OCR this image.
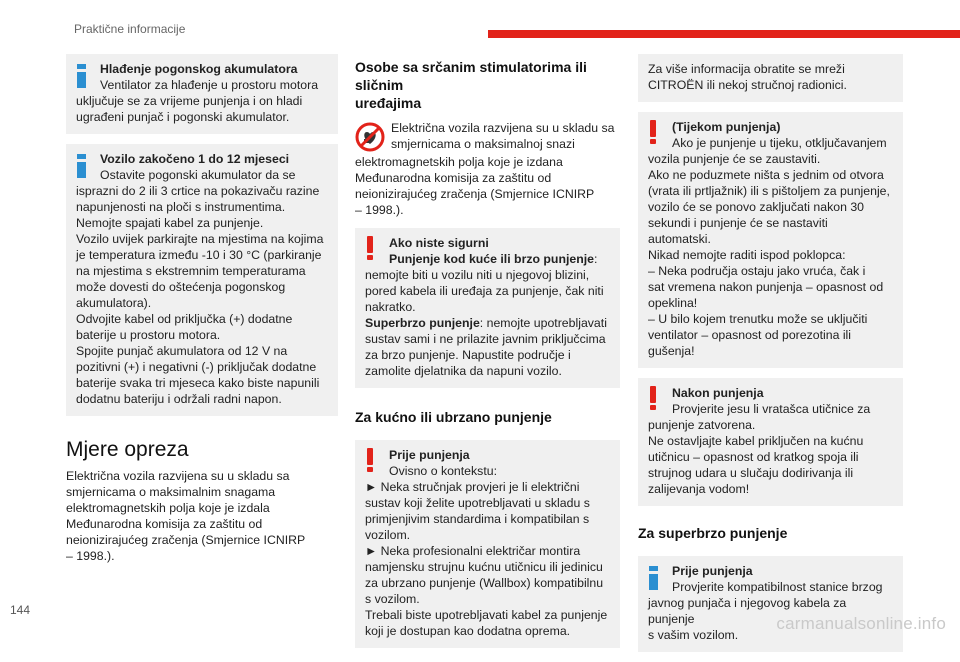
Praktične informacije

Hlađenje pogonskog akumulatora

Ventilator za hlađenje u prostoru motora

uključuje se za vrijeme punjenja i on hladi

ugrađeni punjač i pogonski akumulator.

Vozilo zakočeno 1 do 12 mjeseci

Ostavite pogonski akumulator da se

isprazni do 2 ili 3 crtice na pokazivaču razine

napunjenosti na ploči s instrumentima.

Nemojte spajati kabel za punjenje.

Vozilo uvijek parkirajte na mjestima na kojima

je temperatura između -10 i 30 °C (parkiranje

na mjestima s ekstremnim temperaturama

može dovesti do oštećenja pogonskog

akumulatora).

Odvojite kabel od priključka (+) dodatne

baterije u prostoru motora.

Spojite punjač akumulatora od 12 V na

pozitivni (+) i negativni (-) priključak dodatne

baterije svaka tri mjeseca kako biste napunili

dodatnu bateriju i održali radni napon.

Mjere opreza

Električna vozila razvijena su u skladu sa

smjernicama o maksimalnim snagama

elektromagnetskih polja koje je izdala

Međunarodna komisija za zaštitu od

neionizirajućeg zračenja (Smjernice ICNIRP

– 1998.).

Osobe sa srčanim stimulatorima ili sličnim

uređajima

Električna vozila razvijena su u skladu sa

smjernicama o maksimalnoj snazi

elektromagnetskih polja koje je izdana

Međunarodna komisija za zaštitu od

neionizirajućeg zračenja (Smjernice ICNIRP

– 1998.).

Ako niste sigurni

Punjenje kod kuće ili brzo punjenje:

nemojte biti u vozilu niti u njegovoj blizini,

pored kabela ili uređaja za punjenje, čak niti

nakratko.

Superbrzo punjenje: nemojte upotrebljavati

sustav sami i ne prilazite javnim priključcima

za brzo punjenje. Napustite područje i

zamolite djelatnika da napuni vozilo.

Za kućno ili ubrzano punjenje

Prije punjenja

Ovisno o kontekstu:

► Neka stručnjak provjeri je li električni

sustav koji želite upotrebljavati u skladu s

primjenjivim standardima i kompatibilan s

vozilom.

► Neka profesionalni električar montira

namjensku strujnu kućnu utičnicu ili jedinicu

za ubrzano punjenje (Wallbox) kompatibilnu

s vozilom.

Trebali biste upotrebljavati kabel za punjenje

koji je dostupan kao dodatna oprema.

Za više informacija obratite se mreži

CITROËN ili nekoj stručnoj radionici.

(Tijekom punjenja)

Ako je punjenje u tijeku, otključavanjem

vozila punjenje će se zaustaviti.

Ako ne poduzmete ništa s jednim od otvora

(vrata ili prtljažnik) ili s pištoljem za punjenje,

vozilo će se ponovo zaključati nakon 30

sekundi i punjenje će se nastaviti automatski.

Nikad nemojte raditi ispod poklopca:

– Neka područja ostaju jako vruća, čak i

sat vremena nakon punjenja – opasnost od

opeklina!

– U bilo kojem trenutku može se uključiti

ventilator – opasnost od porezotina ili

gušenja!

Nakon punjenja

Provjerite jesu li vratašca utičnice za

punjenje zatvorena.

Ne ostavljajte kabel priključen na kućnu

utičnicu – opasnost od kratkog spoja ili

strujnog udara u slučaju dodirivanja ili

zalijevanja vodom!

Za superbrzo punjenje

Prije punjenja

Provjerite kompatibilnost stanice brzog

javnog punjača i njegovog kabela za punjenje

s vašim vozilom.

144
carmanualsonline.info
